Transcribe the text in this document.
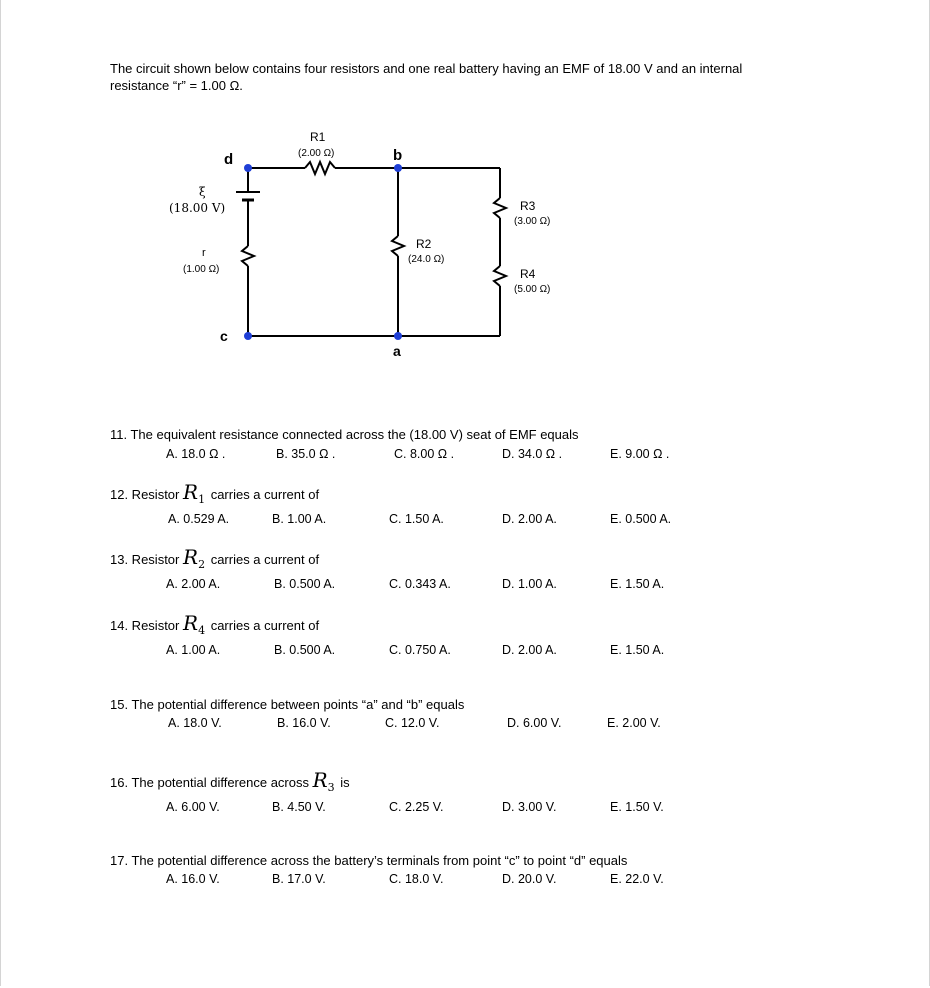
The circuit shown below contains four resistors and one real battery having an EMF of 18.00 V and an internal
resistance “r” = 1.00 Ω.
d	b
c
a
R1
(2.00 Ω)
R2
(24.0 Ω)
R3
(3.00 Ω)
R4
(5.00 Ω)
ξ
(18.00 V)
r
(1.00 Ω)
11. The equivalent resistance connected across the (18.00 V) seat of EMF equals
A. 18.0 Ω .	B. 35.0 Ω .	C. 8.00 Ω .	D. 34.0 Ω .	E. 9.00 Ω .
12. Resistor $R_1$ carries a current of
A. 0.529 A.	B. 1.00 A.	C. 1.50 A.	D. 2.00 A.	E. 0.500 A.
13. Resistor $R_2$ carries a current of
A. 2.00 A.	B. 0.500 A.	C. 0.343 A.	D. 1.00 A.	E. 1.50 A.
14. Resistor $R_4$ carries a current of
A. 1.00 A.	B. 0.500 A.	C. 0.750 A.	D. 2.00 A.	E. 1.50 A.
15. The potential difference between points “a” and “b” equals
A. 18.0 V.	B. 16.0 V.	C. 12.0 V.	D. 6.00 V.	E. 2.00 V.
16. The potential difference across $R_3$ is
A. 6.00 V.	B. 4.50 V.	C. 2.25 V.	D. 3.00 V.	E. 1.50 V.
17. The potential difference across the battery’s terminals from point “c” to point “d” equals
A. 16.0 V.	B. 17.0 V.	C. 18.0 V.	D. 20.0 V.	E. 22.0 V.
